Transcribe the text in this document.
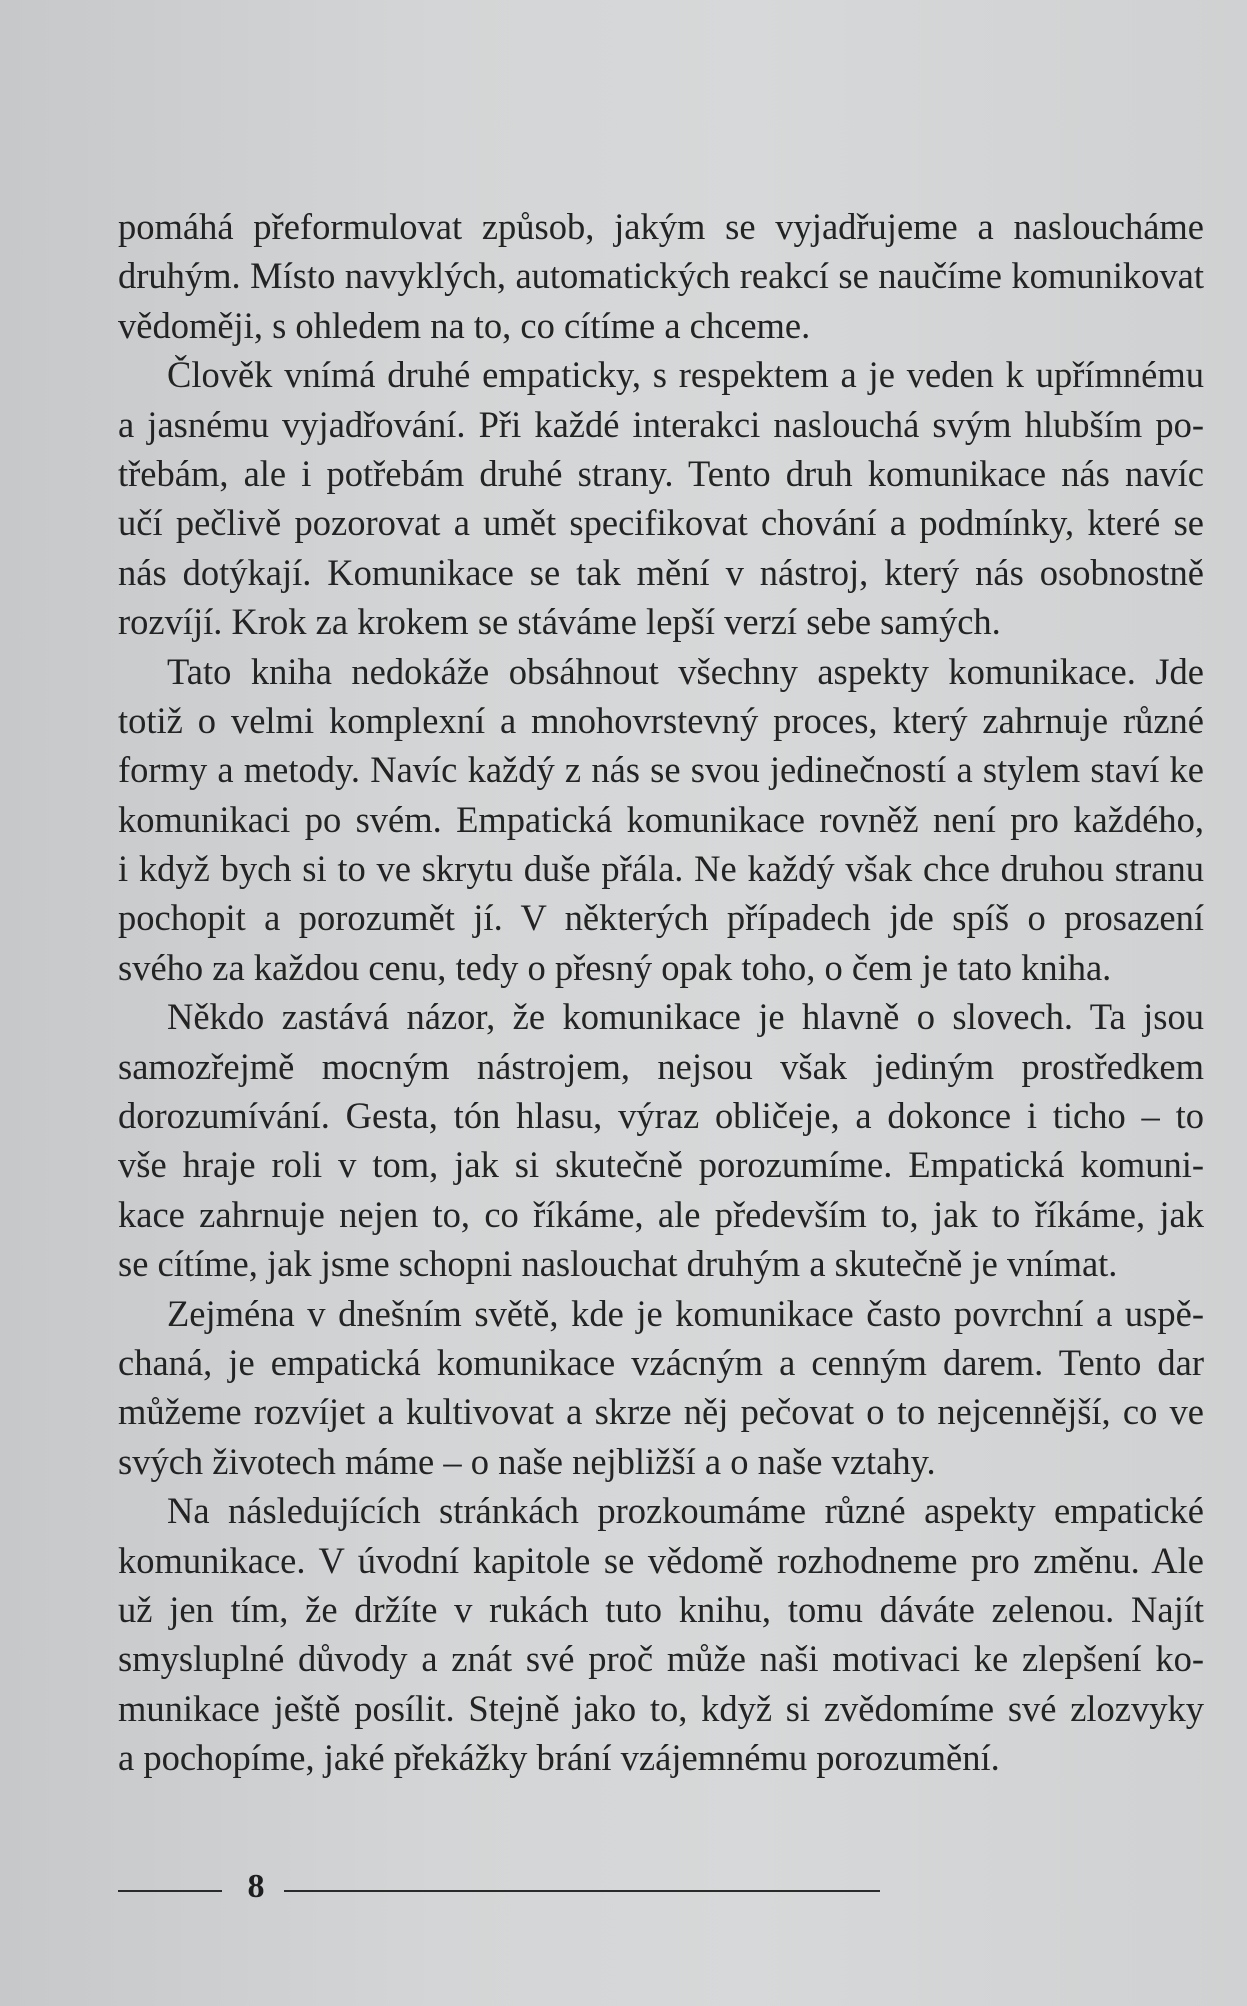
pomáhá přeformulovat způsob, jakým se vyjadřujeme a nasloucháme
druhým. Místo navyklých, automatických reakcí se naučíme komunikovat
vědoměji, s ohledem na to, co cítíme a chceme.
Člověk vnímá druhé empaticky, s respektem a je veden k upřímnému
a jasnému vyjadřování. Při každé interakci naslouchá svým hlubším po-
třebám, ale i potřebám druhé strany. Tento druh komunikace nás navíc
učí pečlivě pozorovat a umět specifikovat chování a podmínky, které se
nás dotýkají. Komunikace se tak mění v nástroj, který nás osobnostně
rozvíjí. Krok za krokem se stáváme lepší verzí sebe samých.
Tato kniha nedokáže obsáhnout všechny aspekty komunikace. Jde
totiž o velmi komplexní a mnohovrstevný proces, který zahrnuje různé
formy a metody. Navíc každý z nás se svou jedinečností a stylem staví ke
komunikaci po svém. Empatická komunikace rovněž není pro každého,
i když bych si to ve skrytu duše přála. Ne každý však chce druhou stranu
pochopit a porozumět jí. V některých případech jde spíš o prosazení
svého za každou cenu, tedy o přesný opak toho, o čem je tato kniha.
Někdo zastává názor, že komunikace je hlavně o slovech. Ta jsou
samozřejmě mocným nástrojem, nejsou však jediným prostředkem
dorozumívání. Gesta, tón hlasu, výraz obličeje, a dokonce i ticho – to
vše hraje roli v tom, jak si skutečně porozumíme. Empatická komuni-
kace zahrnuje nejen to, co říkáme, ale především to, jak to říkáme, jak
se cítíme, jak jsme schopni naslouchat druhým a skutečně je vnímat.
Zejména v dnešním světě, kde je komunikace často povrchní a uspě-
chaná, je empatická komunikace vzácným a cenným darem. Tento dar
můžeme rozvíjet a kultivovat a skrze něj pečovat o to nejcennější, co ve
svých životech máme – o naše nejbližší a o naše vztahy.
Na následujících stránkách prozkoumáme různé aspekty empatické
komunikace. V úvodní kapitole se vědomě rozhodneme pro změnu. Ale
už jen tím, že držíte v rukách tuto knihu, tomu dáváte zelenou. Najít
smysluplné důvody a znát své proč může naši motivaci ke zlepšení ko-
munikace ještě posílit. Stejně jako to, když si zvědomíme své zlozvyky
a pochopíme, jaké překážky brání vzájemnému porozumění.
8
